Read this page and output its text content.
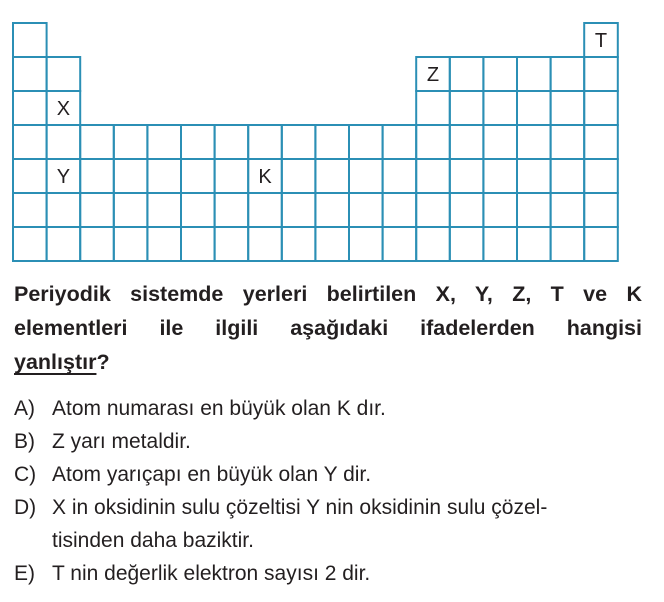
T
Z
X
Y	K
Periyodik sistemde yerleri belirtilen X, Y, Z, T ve K
elementleri ile ilgili aşağıdaki ifadelerden hangisi
yanlıştır?
A) Atom numarası en büyük olan K dır.
B) Z yarı metaldir.
C) Atom yarıçapı en büyük olan Y dir.
D) X in oksidinin sulu çözeltisi Y nin oksidinin sulu çözel-
tisinden daha baziktir.
E) T nin değerlik elektron sayısı 2 dir.
